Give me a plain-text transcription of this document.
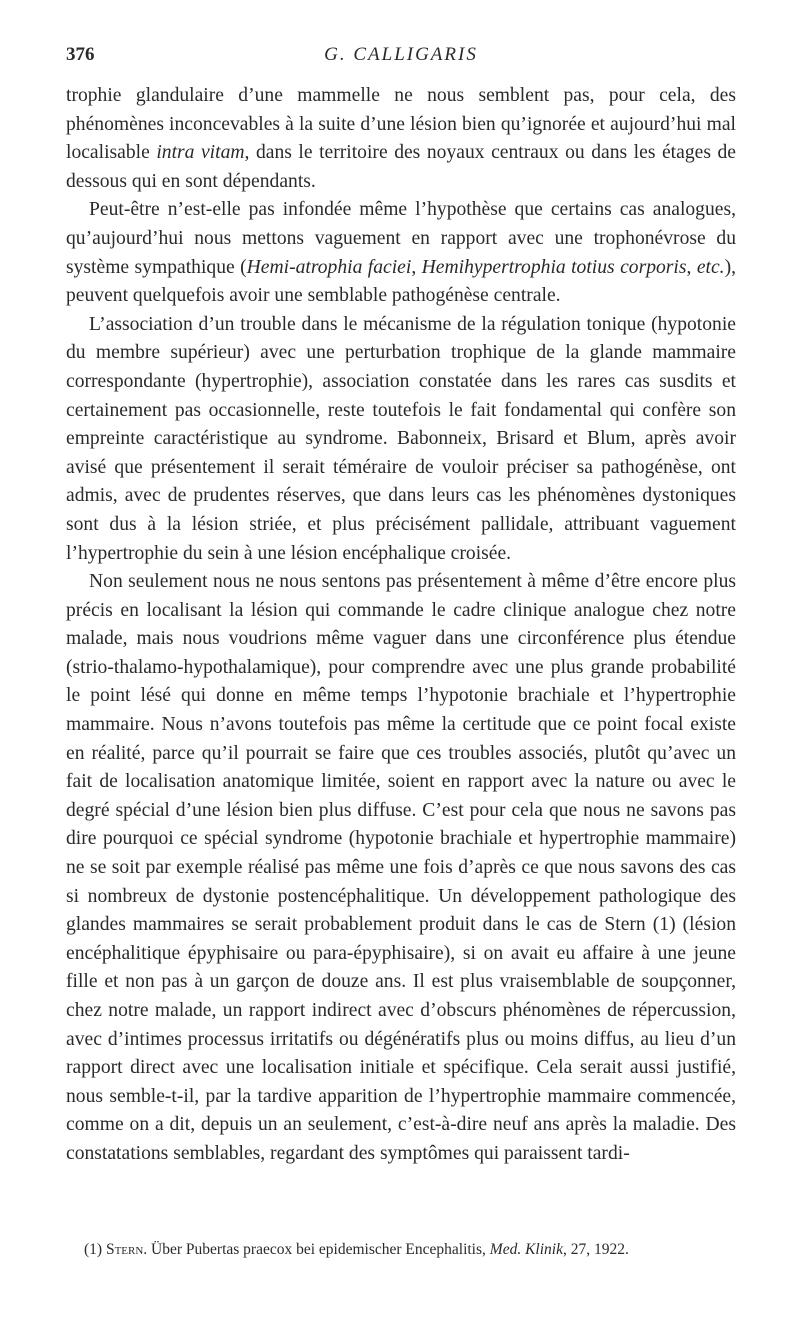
376	G. CALLIGARIS

trophie glandulaire d’une mammelle ne nous semblent pas, pour cela, des phénomènes inconcevables à la suite d’une lésion bien qu’ignorée et aujourd’hui mal localisable intra vitam, dans le territoire des noyaux centraux ou dans les étages de dessous qui en sont dépendants.

Peut-être n’est-elle pas infondée même l’hypothèse que certains cas analogues, qu’aujourd’hui nous mettons vaguement en rapport avec une trophonévrose du système sympathique (Hemi-atrophia faciei, Hemihypertrophia totius corporis, etc.), peuvent quelquefois avoir une semblable pathogénèse centrale.

L’association d’un trouble dans le mécanisme de la régulation tonique (hypotonie du membre supérieur) avec une perturbation trophique de la glande mammaire correspondante (hypertrophie), association constatée dans les rares cas susdits et certainement pas occasionnelle, reste toutefois le fait fondamental qui confère son empreinte caractéristique au syndrome. Babonneix, Brisard et Blum, après avoir avisé que présentement il serait téméraire de vouloir préciser sa pathogénèse, ont admis, avec de prudentes réserves, que dans leurs cas les phénomènes dystoniques sont dus à la lésion striée, et plus précisément pallidale, attribuant vaguement l’hypertrophie du sein à une lésion encéphalique croisée.

Non seulement nous ne nous sentons pas présentement à même d’être encore plus précis en localisant la lésion qui commande le cadre clinique analogue chez notre malade, mais nous voudrions même vaguer dans une circonférence plus étendue (strio-thalamo-hypothalamique), pour comprendre avec une plus grande probabilité le point lésé qui donne en même temps l’hypotonie brachiale et l’hypertrophie mammaire. Nous n’avons toutefois pas même la certitude que ce point focal existe en réalité, parce qu’il pourrait se faire que ces troubles associés, plutôt qu’avec un fait de localisation anatomique limitée, soient en rapport avec la nature ou avec le degré spécial d’une lésion bien plus diffuse. C’est pour cela que nous ne savons pas dire pourquoi ce spécial syndrome (hypotonie brachiale et hypertrophie mammaire) ne se soit par exemple réalisé pas même une fois d’après ce que nous savons des cas si nombreux de dystonie postencéphalitique. Un développement pathologique des glandes mammaires se serait probablement produit dans le cas de Stern (1) (lésion encéphalitique épyphisaire ou para-épyphisaire), si on avait eu affaire à une jeune fille et non pas à un garçon de douze ans. Il est plus vraisemblable de soupçonner, chez notre malade, un rapport indirect avec d’obscurs phénomènes de répercussion, avec d’intimes processus irritatifs ou dégénératifs plus ou moins diffus, au lieu d’un rapport direct avec une localisation initiale et spécifique. Cela serait aussi justifié, nous semble-t-il, par la tardive apparition de l’hypertrophie mammaire commencée, comme on a dit, depuis un an seulement, c’est-à-dire neuf ans après la maladie. Des constatations semblables, regardant des symptômes qui paraissent tardi-

(1) Stern. Über Pubertas praecox bei epidemischer Encephalitis, Med. Klinik, 27, 1922.
